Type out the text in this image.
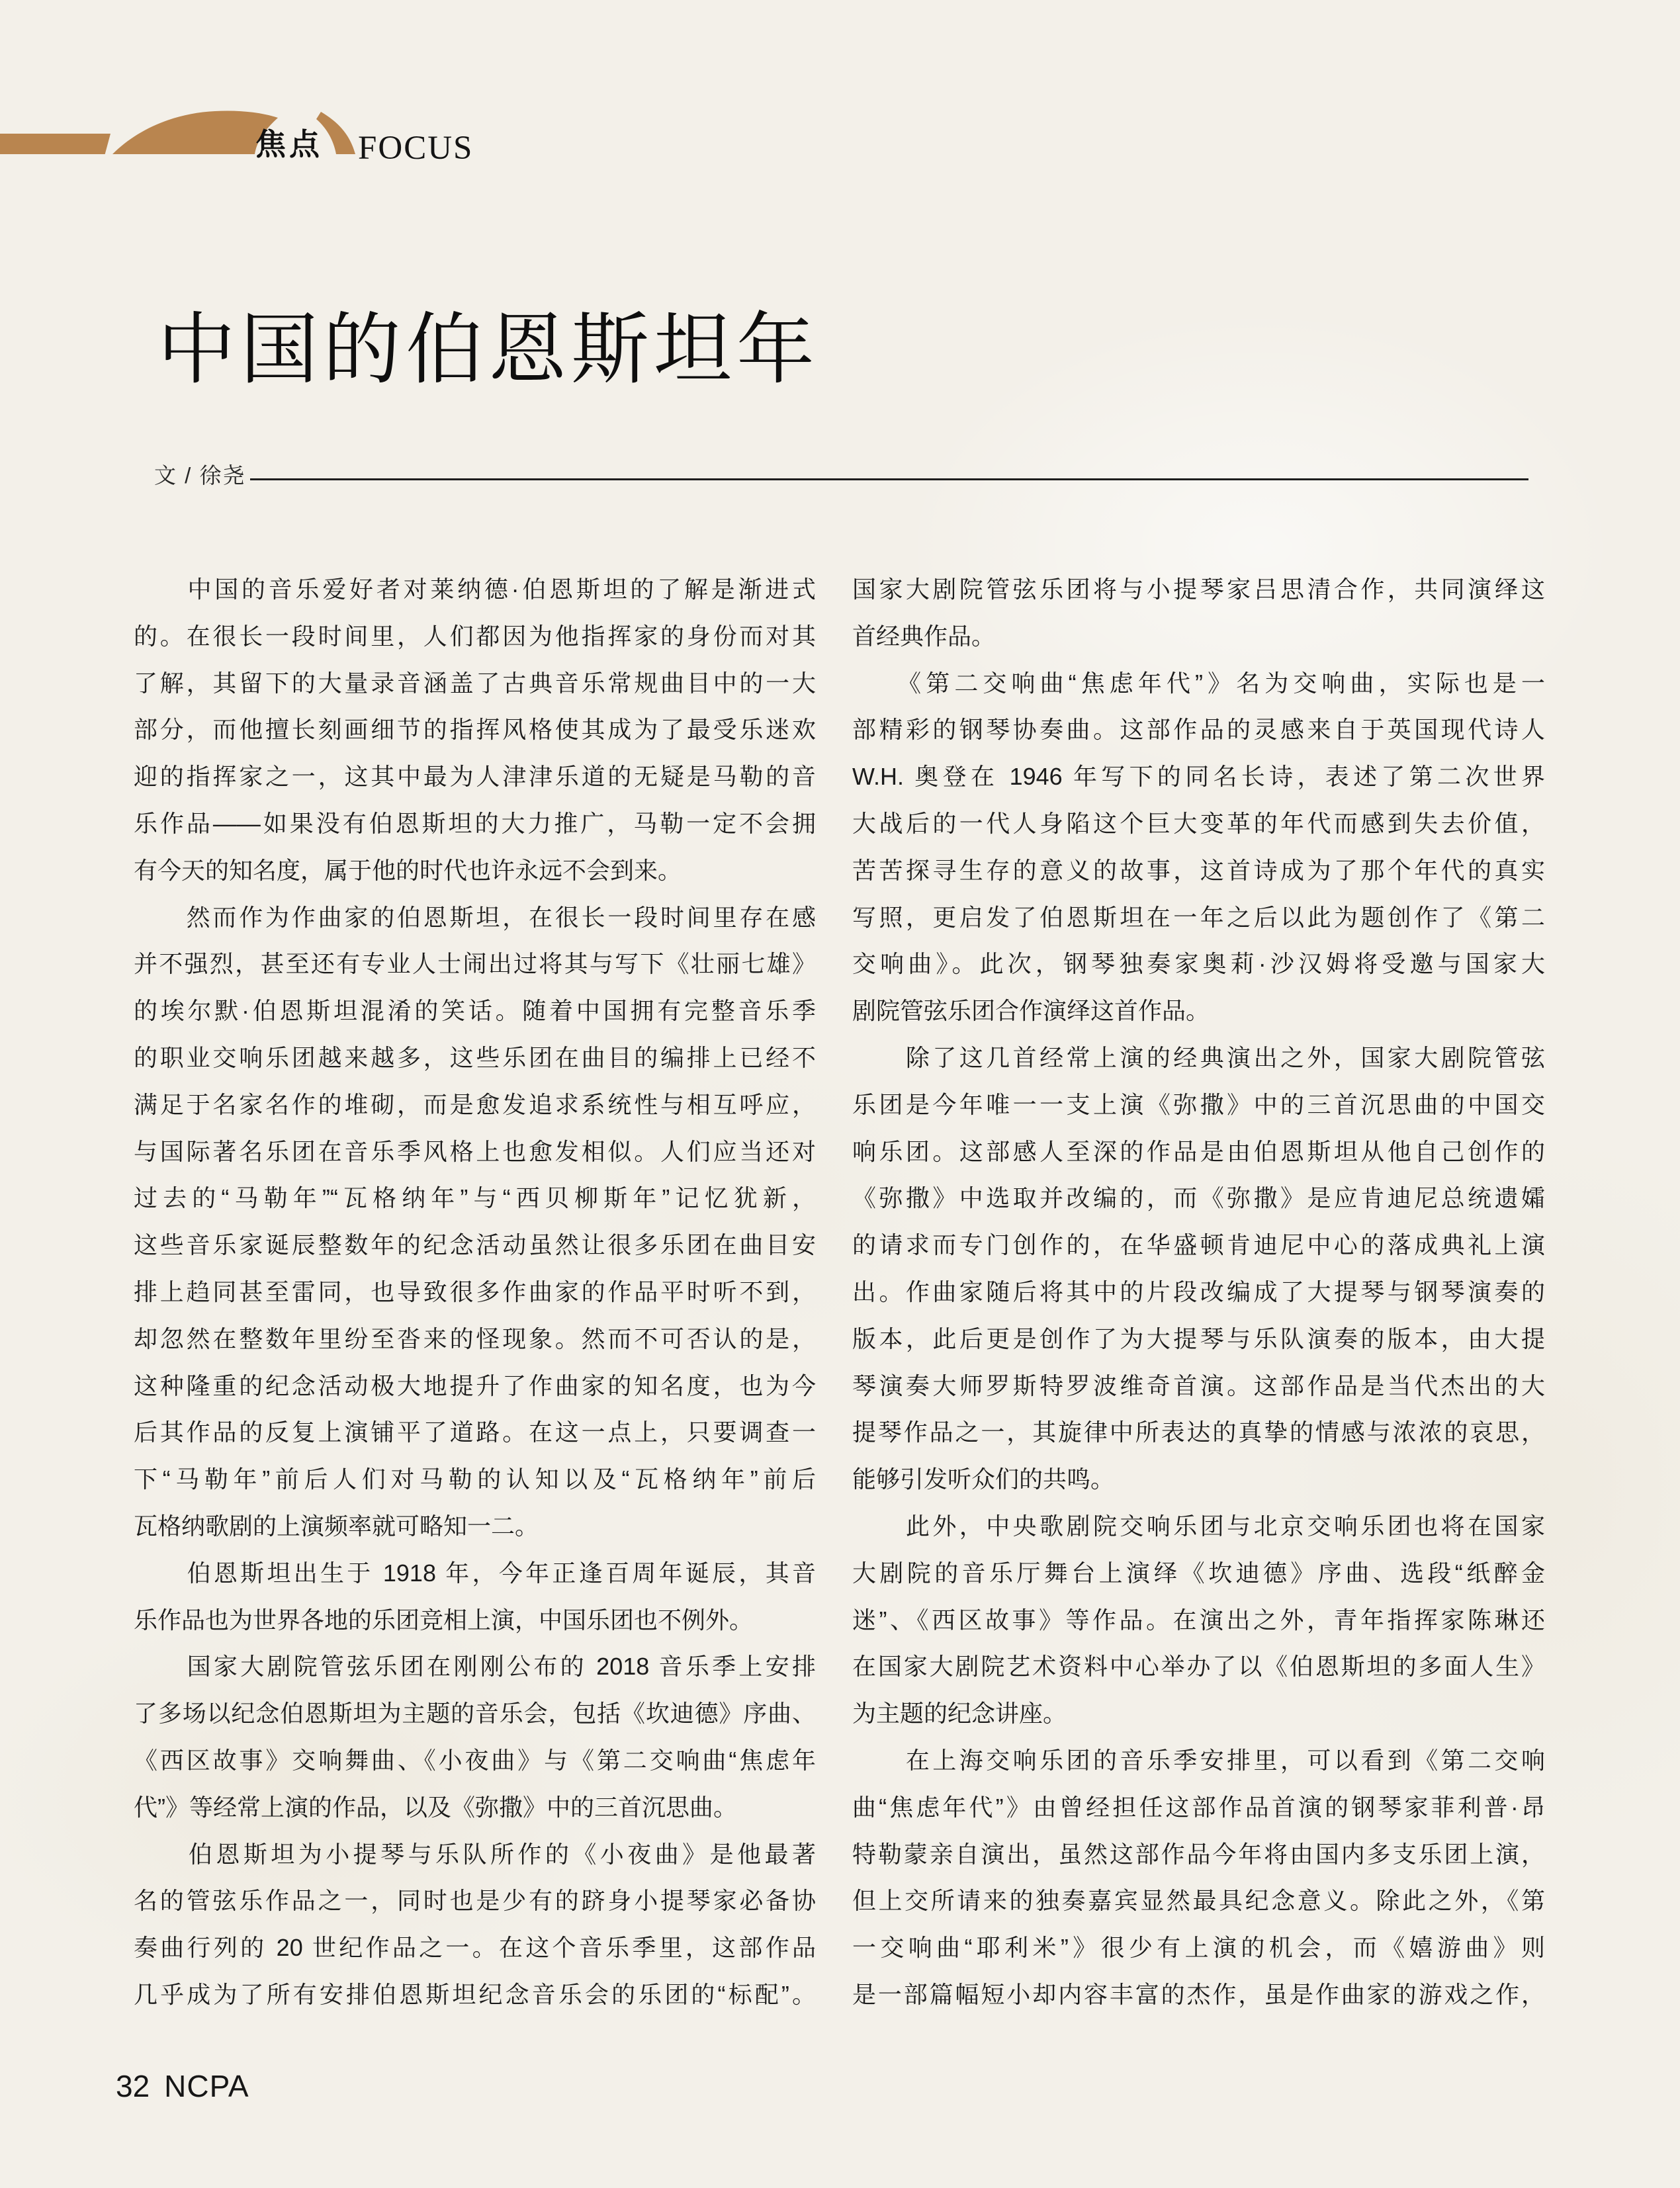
焦点 FOCUS
中国的伯恩斯坦年
文 / 徐尧
　　中国的音乐爱好者对莱纳德·伯恩斯坦的了解是渐进式
的。在很长一段时间里，人们都因为他指挥家的身份而对其
了解，其留下的大量录音涵盖了古典音乐常规曲目中的一大
部分，而他擅长刻画细节的指挥风格使其成为了最受乐迷欢
迎的指挥家之一，这其中最为人津津乐道的无疑是马勒的音
乐作品——如果没有伯恩斯坦的大力推广，马勒一定不会拥
有今天的知名度，属于他的时代也许永远不会到来。
　　然而作为作曲家的伯恩斯坦，在很长一段时间里存在感
并不强烈，甚至还有专业人士闹出过将其与写下《壮丽七雄》
的埃尔默·伯恩斯坦混淆的笑话。随着中国拥有完整音乐季
的职业交响乐团越来越多，这些乐团在曲目的编排上已经不
满足于名家名作的堆砌，而是愈发追求系统性与相互呼应，
与国际著名乐团在音乐季风格上也愈发相似。人们应当还对
过去的“马勒年”“瓦格纳年”与“西贝柳斯年”记忆犹新，
这些音乐家诞辰整数年的纪念活动虽然让很多乐团在曲目安
排上趋同甚至雷同，也导致很多作曲家的作品平时听不到，
却忽然在整数年里纷至沓来的怪现象。然而不可否认的是，
这种隆重的纪念活动极大地提升了作曲家的知名度，也为今
后其作品的反复上演铺平了道路。在这一点上，只要调查一
下“马勒年”前后人们对马勒的认知以及“瓦格纳年”前后
瓦格纳歌剧的上演频率就可略知一二。
　　伯恩斯坦出生于 1918 年，今年正逢百周年诞辰，其音
乐作品也为世界各地的乐团竞相上演，中国乐团也不例外。
　　国家大剧院管弦乐团在刚刚公布的 2018 音乐季上安排
了多场以纪念伯恩斯坦为主题的音乐会，包括《坎迪德》序曲、
《西区故事》交响舞曲、《小夜曲》与《第二交响曲“焦虑年
代”》等经常上演的作品，以及《弥撒》中的三首沉思曲。
　　伯恩斯坦为小提琴与乐队所作的《小夜曲》是他最著
名的管弦乐作品之一，同时也是少有的跻身小提琴家必备协
奏曲行列的 20 世纪作品之一。在这个音乐季里，这部作品
几乎成为了所有安排伯恩斯坦纪念音乐会的乐团的“标配”。
国家大剧院管弦乐团将与小提琴家吕思清合作，共同演绎这
首经典作品。
　　《第二交响曲“焦虑年代”》名为交响曲，实际也是一
部精彩的钢琴协奏曲。这部作品的灵感来自于英国现代诗人
W.H. 奥登在 1946 年写下的同名长诗，表述了第二次世界
大战后的一代人身陷这个巨大变革的年代而感到失去价值，
苦苦探寻生存的意义的故事，这首诗成为了那个年代的真实
写照，更启发了伯恩斯坦在一年之后以此为题创作了《第二
交响曲》。此次，钢琴独奏家奥莉·沙汉姆将受邀与国家大
剧院管弦乐团合作演绎这首作品。
　　除了这几首经常上演的经典演出之外，国家大剧院管弦
乐团是今年唯一一支上演《弥撒》中的三首沉思曲的中国交
响乐团。这部感人至深的作品是由伯恩斯坦从他自己创作的
《弥撒》中选取并改编的，而《弥撒》是应肯迪尼总统遗孀
的请求而专门创作的，在华盛顿肯迪尼中心的落成典礼上演
出。作曲家随后将其中的片段改编成了大提琴与钢琴演奏的
版本，此后更是创作了为大提琴与乐队演奏的版本，由大提
琴演奏大师罗斯特罗波维奇首演。这部作品是当代杰出的大
提琴作品之一，其旋律中所表达的真挚的情感与浓浓的哀思，
能够引发听众们的共鸣。
　　此外，中央歌剧院交响乐团与北京交响乐团也将在国家
大剧院的音乐厅舞台上演绎《坎迪德》序曲、选段“纸醉金
迷”、《西区故事》等作品。在演出之外，青年指挥家陈琳还
在国家大剧院艺术资料中心举办了以《伯恩斯坦的多面人生》
为主题的纪念讲座。
　　在上海交响乐团的音乐季安排里，可以看到《第二交响
曲“焦虑年代”》由曾经担任这部作品首演的钢琴家菲利普·昂
特勒蒙亲自演出，虽然这部作品今年将由国内多支乐团上演，
但上交所请来的独奏嘉宾显然最具纪念意义。除此之外，《第
一交响曲“耶利米”》很少有上演的机会，而《嬉游曲》则
是一部篇幅短小却内容丰富的杰作，虽是作曲家的游戏之作，
32 NCPA
